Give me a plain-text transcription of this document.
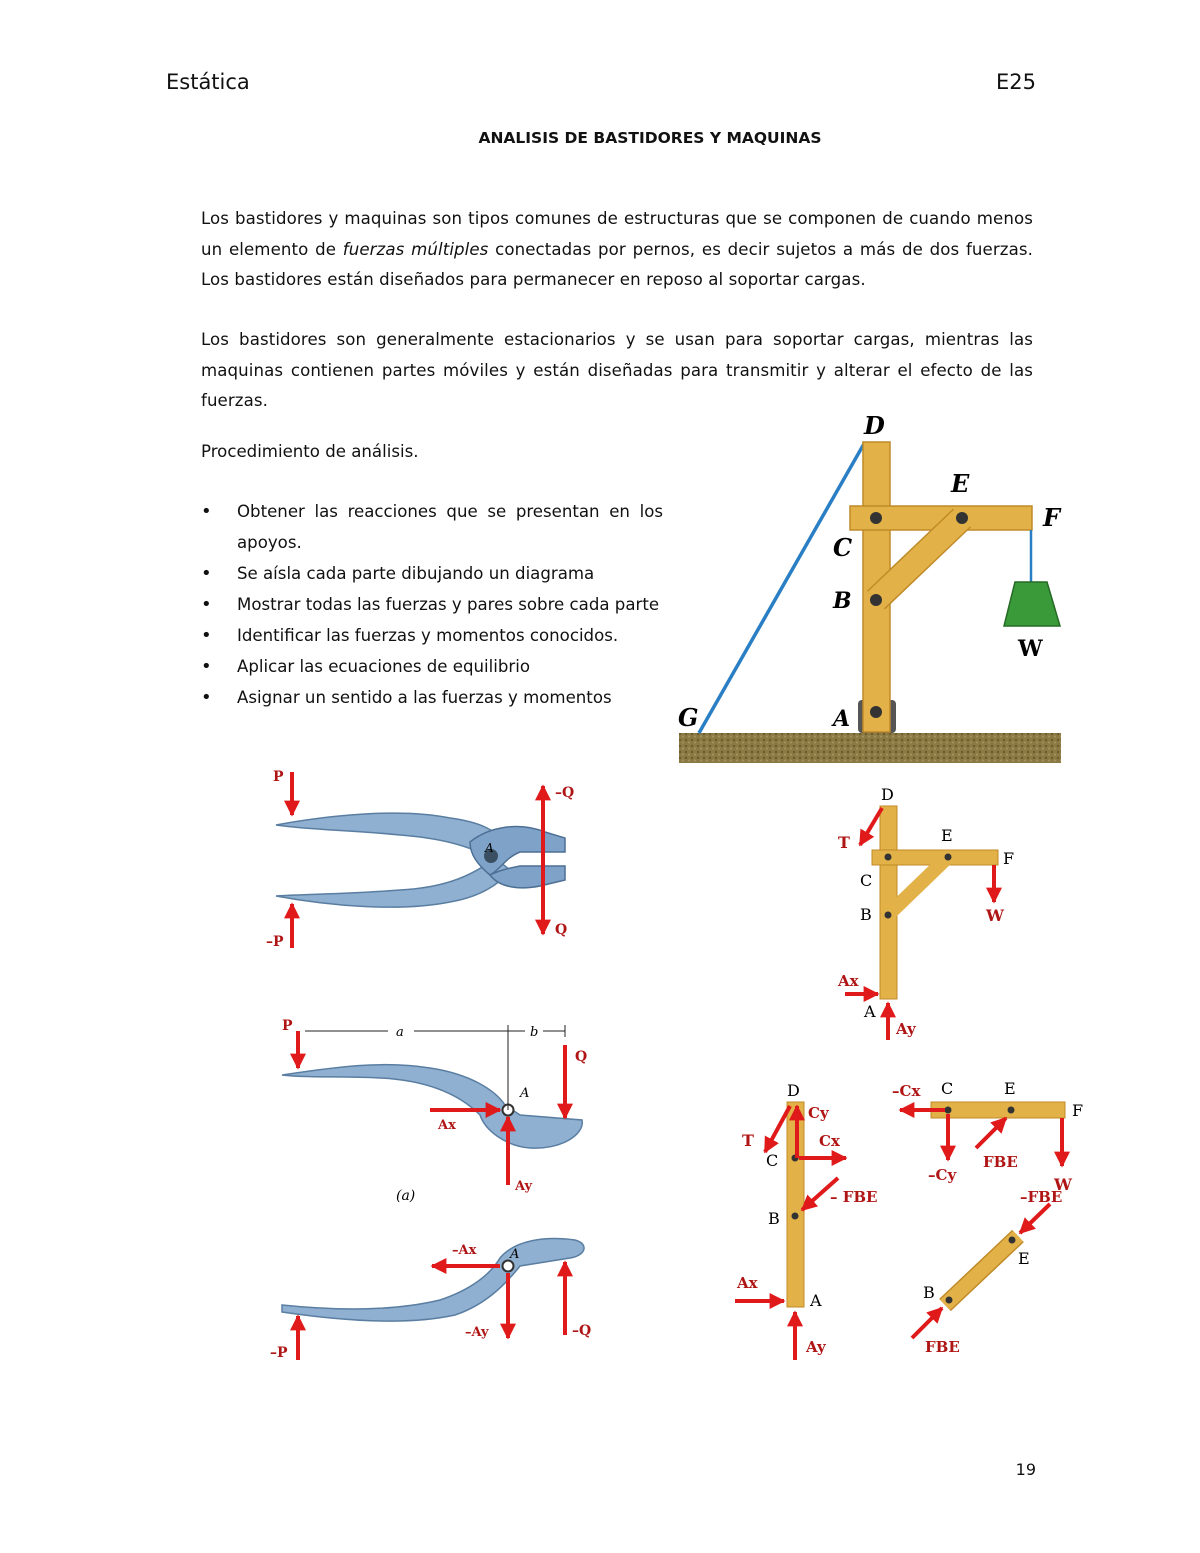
Estática	E25
ANALISIS DE BASTIDORES Y MAQUINAS
Los bastidores y maquinas son tipos comunes de estructuras que se componen de cuando menos un elemento de fuerzas múltiples conectadas por pernos, es decir sujetos a más de dos fuerzas. Los bastidores están diseñados para permanecer en reposo al soportar cargas.
Los bastidores son generalmente estacionarios y se usan para soportar cargas, mientras las maquinas contienen partes móviles y están diseñadas para transmitir y alterar el efecto de las fuerzas.
Procedimiento de análisis.
• Obtener las reacciones que se presentan en los apoyos.
• Se aísla cada parte dibujando un diagrama
• Mostrar todas las fuerzas y pares sobre cada parte
• Identificar las fuerzas y momentos conocidos.
• Aplicar las ecuaciones de equilibrio
• Asignar un sentido a las fuerzas y momentos
D
E
F
C
B
A
G
W
D
T	E
F
C
B	W
Ax
A
Ay
D
Cy
T	Cx
C
– FBE
B
Ax
A
Ay
–Cx C	E
F
–Cy
FBE
W
–FBE
E
B
FBE
P
–Q
Q
–P
A
P	a	b
Q
A
Ax
Ay
(a)
–Ax	A
–P
–Ay	–Q
19
